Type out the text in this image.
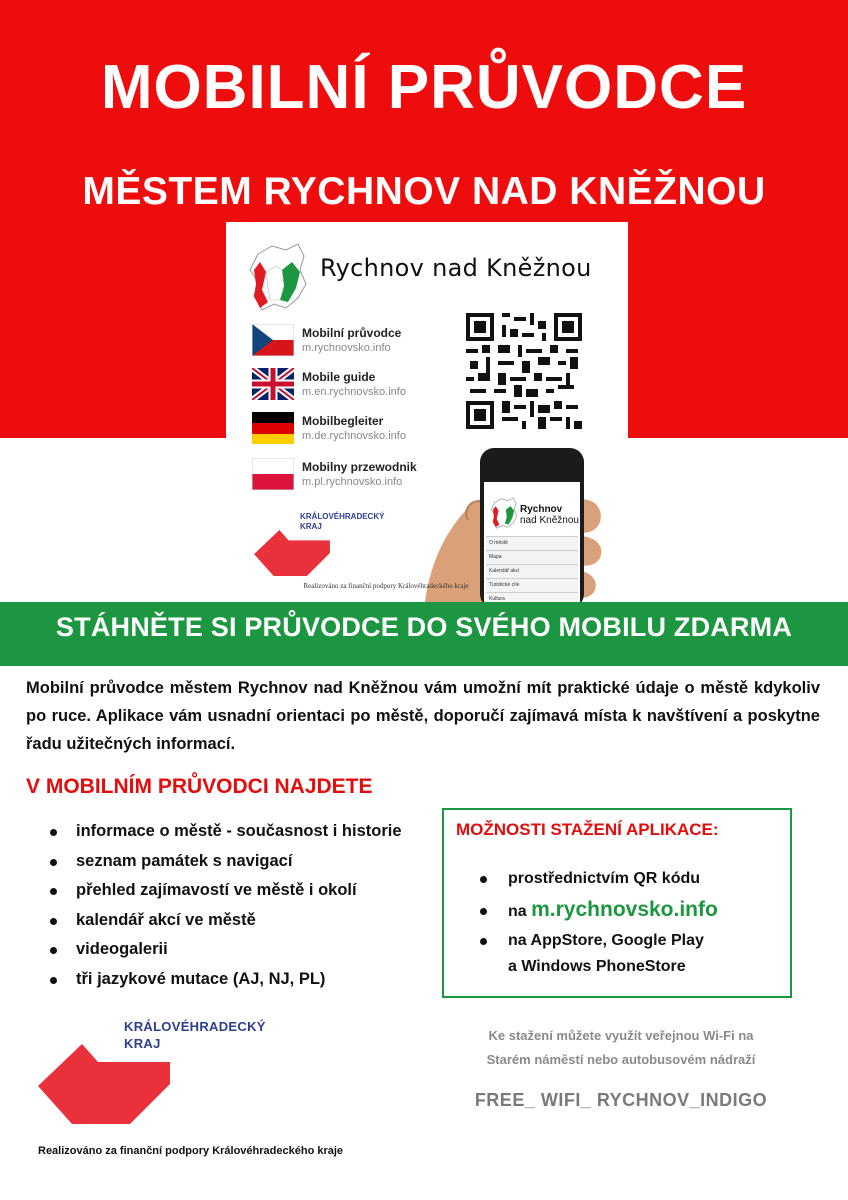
MOBILNÍ PRŮVODCE
MĚSTEM RYCHNOV NAD KNĚŽNOU
Rychnov nad Kněžnou
Mobilní průvodce
m.rychnovsko.info
Mobile guide
m.en.rychnovsko.info
Mobilbegleiter
m.de.rychnovsko.info
Mobilny przewodnik
m.pl.rychnovsko.info
Rychnov
nad Kněžnou
O městě
Mapa
Kalendář akcí
Turistické cíle
Kultura
KRÁLOVÉHRADECKÝ
KRAJ
Realizováno za finanční podpory Královéhradeckého kraje
STÁHNĚTE SI PRŮVODCE DO SVÉHO MOBILU ZDARMA

Mobilní průvodce městem Rychnov nad Kněžnou vám umožní mít praktické údaje o městě kdykoliv po ruce. Aplikace vám usnadní orientaci po městě, doporučí zajímavá místa k navštívení a poskytne řadu užitečných informací.

V MOBILNÍM PRŮVODCI NAJDETE
informace o městě - současnost i historie
seznam památek s navigací
přehled zajímavostí ve městě i okolí
kalendář akcí ve městě
videogalerii
tři jazykové mutace (AJ, NJ, PL)
MOŽNOSTI STAŽENÍ APLIKACE:
prostřednictvím QR kódu
na m.rychnovsko.info
na AppStore, Google Play
a Windows PhoneStore
KRÁLOVÉHRADECKÝ
KRAJ
Realizováno za finanční podpory Královéhradeckého kraje
Ke stažení můžete využít veřejnou Wi-Fi na
Starém náměstí nebo autobusovém nádraží
FREE_ WIFI_ RYCHNOV_INDIGO
